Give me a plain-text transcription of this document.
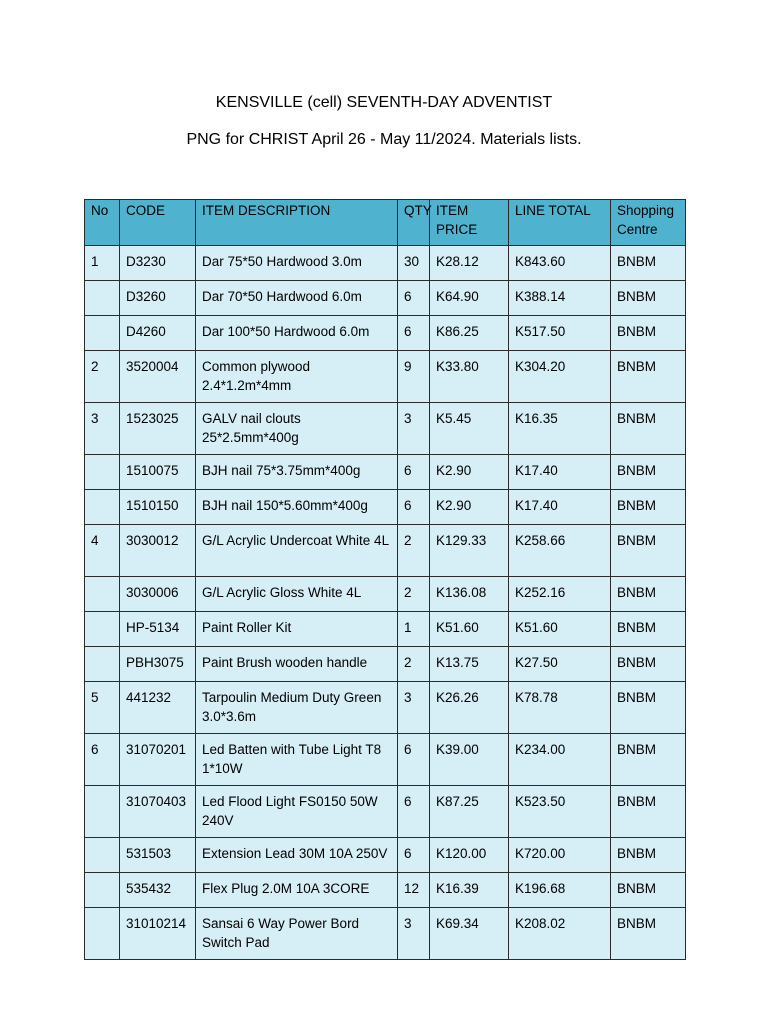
KENSVILLE (cell) SEVENTH-DAY ADVENTIST
PNG for CHRIST April 26 - May 11/2024. Materials lists.
No	CODE	ITEM DESCRIPTION	QTY	ITEM PRICE	LINE TOTAL	Shopping Centre
1	D3230	Dar 75*50 Hardwood 3.0m	30	K28.12	K843.60	BNBM
	D3260	Dar 70*50 Hardwood 6.0m	6	K64.90	K388.14	BNBM
	D4260	Dar 100*50 Hardwood 6.0m	6	K86.25	K517.50	BNBM
2	3520004	Common plywood 2.4*1.2m*4mm	9	K33.80	K304.20	BNBM
3	1523025	GALV nail clouts 25*2.5mm*400g	3	K5.45	K16.35	BNBM
	1510075	BJH nail 75*3.75mm*400g	6	K2.90	K17.40	BNBM
	1510150	BJH nail 150*5.60mm*400g	6	K2.90	K17.40	BNBM
4	3030012	G/L Acrylic Undercoat White 4L	2	K129.33	K258.66	BNBM
	3030006	G/L Acrylic Gloss White 4L	2	K136.08	K252.16	BNBM
	HP-5134	Paint Roller Kit	1	K51.60	K51.60	BNBM
	PBH3075	Paint Brush wooden handle	2	K13.75	K27.50	BNBM
5	441232	Tarpoulin Medium Duty Green 3.0*3.6m	3	K26.26	K78.78	BNBM
6	31070201	Led Batten with Tube Light T8 1*10W	6	K39.00	K234.00	BNBM
	31070403	Led Flood Light FS0150 50W 240V	6	K87.25	K523.50	BNBM
	531503	Extension Lead 30M 10A 250V	6	K120.00	K720.00	BNBM
	535432	Flex Plug 2.0M 10A 3CORE	12	K16.39	K196.68	BNBM
	31010214	Sansai 6 Way Power Bord Switch Pad	3	K69.34	K208.02	BNBM
